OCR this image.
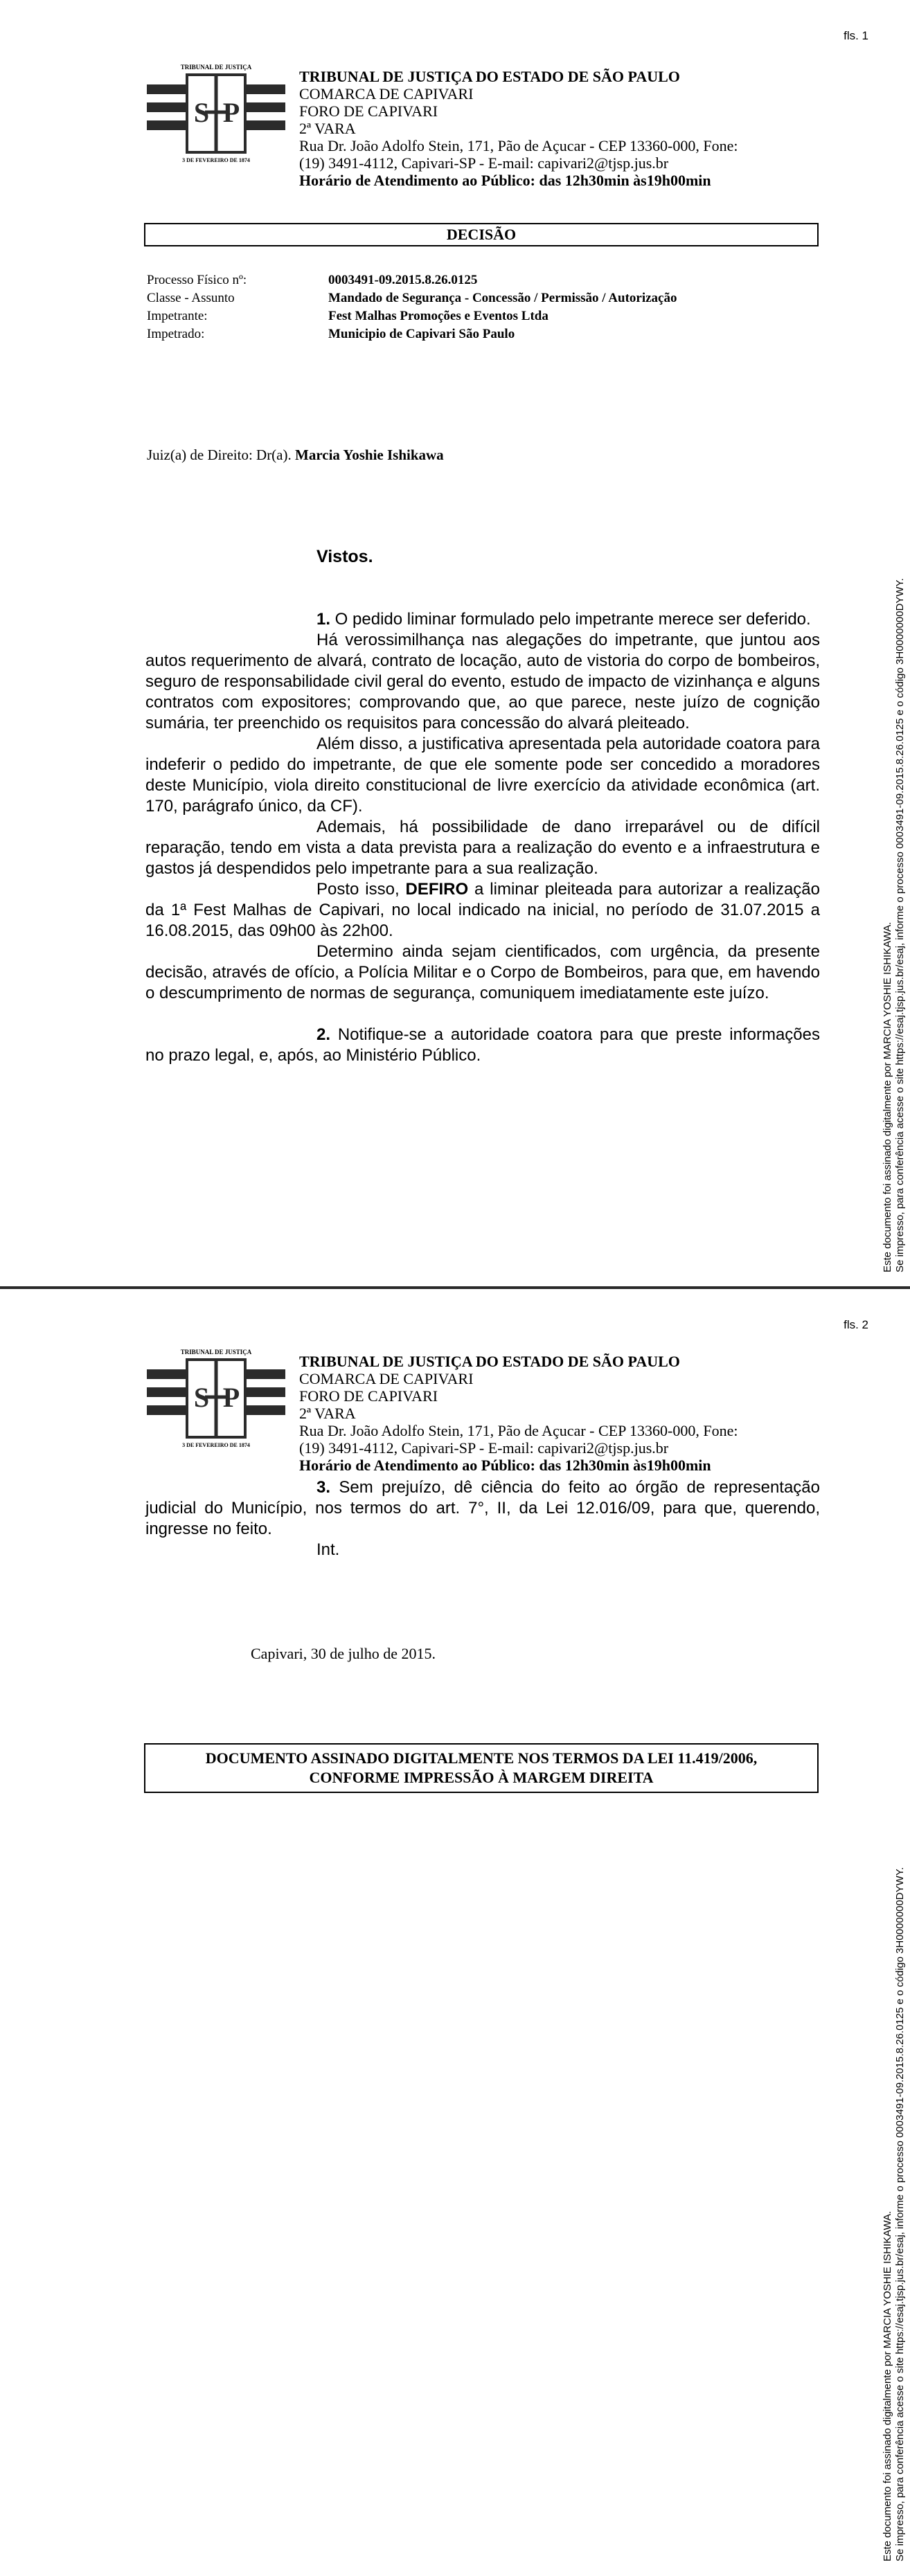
fls. 1
TRIBUNAL DE JUSTIÇA
S P
3 DE FEVEREIRO DE 1874
TRIBUNAL DE JUSTIÇA DO ESTADO DE SÃO PAULO
COMARCA DE CAPIVARI
FORO DE CAPIVARI
2ª VARA
Rua Dr. João Adolfo Stein, 171, Pão de Açucar - CEP 13360-000, Fone:
(19) 3491-4112, Capivari-SP - E-mail: capivari2@tjsp.jus.br
Horário de Atendimento ao Público: das 12h30min às19h00min
DECISÃO
Processo Físico nº:	0003491-09.2015.8.26.0125
Classe - Assunto	Mandado de Segurança - Concessão / Permissão / Autorização
Impetrante:	Fest Malhas Promoções e Eventos Ltda
Impetrado:	Municipio de Capivari São Paulo
Juiz(a) de Direito: Dr(a). Marcia Yoshie Ishikawa
Vistos.

1. O pedido liminar formulado pelo impetrante merece ser deferido.

Há verossimilhança nas alegações do impetrante, que juntou aos autos requerimento de alvará, contrato de locação, auto de vistoria do corpo de bombeiros, seguro de responsabilidade civil geral do evento, estudo de impacto de vizinhança e alguns contratos com expositores; comprovando que, ao que parece, neste juízo de cognição sumária, ter preenchido os requisitos para concessão do alvará pleiteado.

Além disso, a justificativa apresentada pela autoridade coatora para indeferir o pedido do impetrante, de que ele somente pode ser concedido a moradores deste Município, viola direito constitucional de livre exercício da atividade econômica (art. 170, parágrafo único, da CF).

Ademais, há possibilidade de dano irreparável ou de difícil reparação, tendo em vista a data prevista para a realização do evento e a infraestrutura e gastos já despendidos pelo impetrante para a sua realização.

Posto isso, DEFIRO a liminar pleiteada para autorizar a realização da 1ª Fest Malhas de Capivari, no local indicado na inicial, no período de 31.07.2015 a 16.08.2015, das 09h00 às 22h00.

Determino ainda sejam cientificados, com urgência, da presente decisão, através de ofício, a Polícia Militar e o Corpo de Bombeiros, para que, em havendo o descumprimento de normas de segurança, comuniquem imediatamente este juízo.

2. Notifique-se a autoridade coatora para que preste informações no prazo legal, e, após, ao Ministério Público.	Este documento foi assinado digitalmente por MARCIA YOSHIE ISHIKAWA. Se impresso, para conferência acesse o site https://esaj.tjsp.jus.br/esaj, informe o processo 0003491-09.2015.8.26.0125 e o código 3H0000000DYWY.
fls. 2
TRIBUNAL DE JUSTIÇA
S P
3 DE FEVEREIRO DE 1874
TRIBUNAL DE JUSTIÇA DO ESTADO DE SÃO PAULO
COMARCA DE CAPIVARI
FORO DE CAPIVARI
2ª VARA
Rua Dr. João Adolfo Stein, 171, Pão de Açucar - CEP 13360-000, Fone:
(19) 3491-4112, Capivari-SP - E-mail: capivari2@tjsp.jus.br
Horário de Atendimento ao Público: das 12h30min às19h00min

3. Sem prejuízo, dê ciência do feito ao órgão de representação judicial do Município, nos termos do art. 7°, II, da Lei 12.016/09, para que, querendo, ingresse no feito.

Int.
Capivari, 30 de julho de 2015.
DOCUMENTO ASSINADO DIGITALMENTE NOS TERMOS DA LEI 11.419/2006,
CONFORME IMPRESSÃO À MARGEM DIREITA
Este documento foi assinado digitalmente por MARCIA YOSHIE ISHIKAWA. Se impresso, para conferência acesse o site https://esaj.tjsp.jus.br/esaj, informe o processo 0003491-09.2015.8.26.0125 e o código 3H0000000DYWY.
